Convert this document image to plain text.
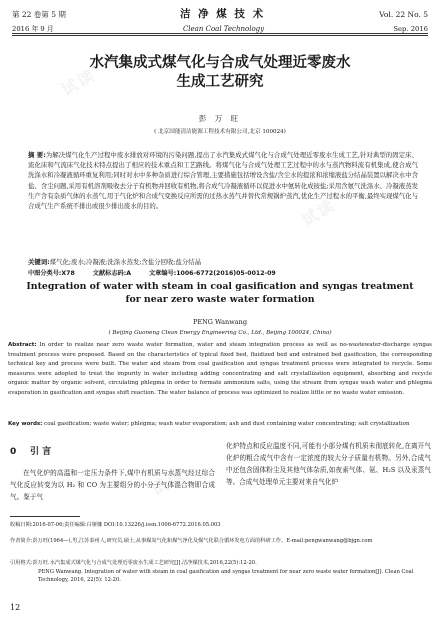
试读
试读
试读
第 22 卷第 5 期	洁 净 煤 技 术	Vol. 22 No. 5
2016 年 9 月	Clean Coal Technology	Sep. 2016
水汽集成式煤气化与合成气处理近零废水
生成工艺研究
彭 万 旺
( 北京国能清洁能源工程技术有限公司,北京 100024)
摘 要:为解决煤气化生产过程中废水排放对环境的污染问题,提出了水汽集成式煤气化与合成气处理近零废水生成工艺,针对典型的固定床、流化床和气流床气化技术特点提出了相应的技术重点和工艺路线。将煤气化与合成气处理工艺过程中的水与蒸汽物料流有机集成,使合成气洗涤水和冷凝液循环重复利用;同时对水中多种杂质进行综合管理,主要措施包括增设含盐/含尘水的提浓和浓缩液盐分结晶装置以解决水中含盐、含尘问题,采用有机溶剂吸收去分子有机物并回收有机物,将合成气冷凝液循环以促进水中氨转化成铵盐;采用含氨气洗涤水、冷凝液蒸发生产含有杂质气体的水蒸气,用于气化炉和合成气变换反应所需的过热水蒸气并替代常规锅炉蒸汽,优化生产过程水的平衡,最终实现煤气化与合成气生产系统不排出或很少排出废水的目的。
关键词:煤气化;废水;冷凝液;洗涤水蒸发;含盐分回收;盐分结晶
中图分类号:X78	文献标志码:A	文章编号:1006-6772(2016)05-0012-09
Integration of water with steam in coal gasification and syngas treatment
for near zero waste water formation
PENG Wanwang
( Beijing Guoneng Clean Energy Engineering Co., Ltd., Beijing 100024, China)
Abstract: In order to realize near zero waste water formation, water and steam integration process as well as no-wastewater-discharge syngas treatment process were proposed. Based on the characteristics of typical fixed bed, fluidized bed and entrained bed gasification, the corresponding technical key and process were built. The water and steam from coal gasification and syngas treatment process were integrated to recycle. Some measures were adopted to treat the impurity in water including adding concentrating and salt crystallization equipment, absorbing and recycle organic matter by organic solvent, circulating phlegma in order to formate ammonium salts, using the stream from syngas wash water and phlegma evaporation in gasification and syngas shift reaction. The water balance of process was optimized to realize little or no waste water emission.
Key words: coal gasification; waste water; phlegma; wash water evaporation; ash and dust containing water concentrating; salt crystallization
0 引 言
在气化炉的高温和一定压力条件下,煤中有机质与水蒸气经过综合气化反应转变为以 H₂ 和 CO 为主要组分的小分子气体混合物即合成气。鉴于气
化炉特点和反应温度不同,可能有小部分煤有机质未彻底转化,在离开气化炉的粗合成气中含有一定浓度的较大分子质量有机物。另外,合成气中还包含固体粉尘及其他气体杂质,如夜素气体、氨、H₂S 以及汞蒸气等。合成气处理单元主要对来自气化炉
收稿日期:2016-07-06;责任编辑:白娅娜 DOI:10.13226/j.issn.1006-6772.2016.05.003
作者简介:彭万旺(1964—),男,江苏泰州人,研究员,硕士,从事煤炭气化和煤气净化及煤气化联合循环发电方面的科研工作。E-mail:pengwanwang@bjgn.com
引用格式:彭万旺.水汽集成式煤气化与合成气处理近零废水生成工艺研究[J].洁净煤技术,2016,22(5):12-20.
PENG Wanwang. Integration of water with steam in coal gasification and syngas treatment for near zero waste water formation[J]. Clean Coal Technology, 2016, 22(5): 12-20.
12
